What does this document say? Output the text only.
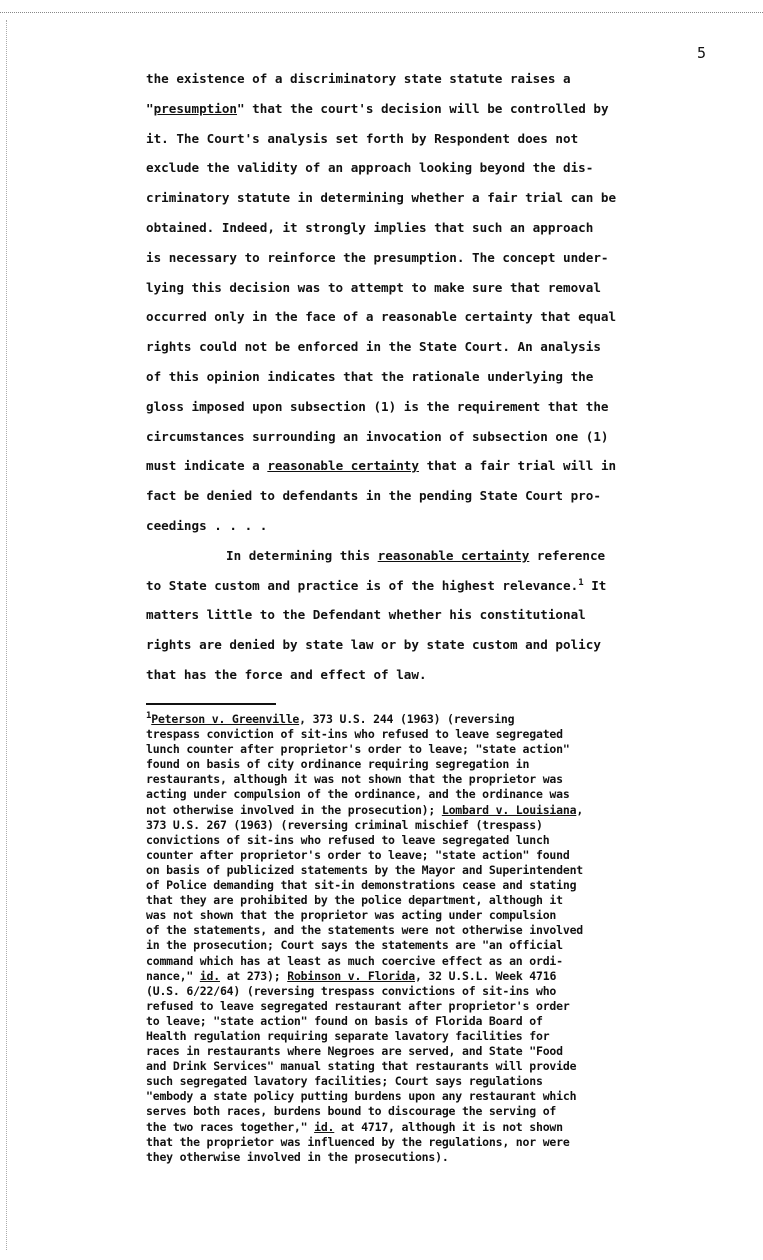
5
the existence of a discriminatory state statute raises a
"presumption" that the court's decision will be controlled by
it. The Court's analysis set forth by Respondent does not
exclude the validity of an approach looking beyond the dis-
criminatory statute in determining whether a fair trial can be
obtained. Indeed, it strongly implies that such an approach
is necessary to reinforce the presumption. The concept under-
lying this decision was to attempt to make sure that removal
occurred only in the face of a reasonable certainty that equal
rights could not be enforced in the State Court. An analysis
of this opinion indicates that the rationale underlying the
gloss imposed upon subsection (1) is the requirement that the
circumstances surrounding an invocation of subsection one (1)
must indicate a reasonable certainty that a fair trial will in
fact be denied to defendants in the pending State Court pro-
ceedings . . . .
In determining this reasonable certainty reference
to State custom and practice is of the highest relevance.$^1$ It
matters little to the Defendant whether his constitutional
rights are denied by state law or by state custom and policy
that has the force and effect of law.
$^1$Peterson v. Greenville, 373 U.S. 244 (1963) (reversing
trespass conviction of sit-ins who refused to leave segregated
lunch counter after proprietor's order to leave; "state action"
found on basis of city ordinance requiring segregation in
restaurants, although it was not shown that the proprietor was
acting under compulsion of the ordinance, and the ordinance was
not otherwise involved in the prosecution); Lombard v. Louisiana,
373 U.S. 267 (1963) (reversing criminal mischief (trespass)
convictions of sit-ins who refused to leave segregated lunch
counter after proprietor's order to leave; "state action" found
on basis of publicized statements by the Mayor and Superintendent
of Police demanding that sit-in demonstrations cease and stating
that they are prohibited by the police department, although it
was not shown that the proprietor was acting under compulsion
of the statements, and the statements were not otherwise involved
in the prosecution; Court says the statements are "an official
command which has at least as much coercive effect as an ordi-
nance," id. at 273); Robinson v. Florida, 32 U.S.L. Week 4716
(U.S. 6/22/64) (reversing trespass convictions of sit-ins who
refused to leave segregated restaurant after proprietor's order
to leave; "state action" found on basis of Florida Board of
Health regulation requiring separate lavatory facilities for
races in restaurants where Negroes are served, and State "Food
and Drink Services" manual stating that restaurants will provide
such segregated lavatory facilities; Court says regulations
"embody a state policy putting burdens upon any restaurant which
serves both races, burdens bound to discourage the serving of
the two races together," id. at 4717, although it is not shown
that the proprietor was influenced by the regulations, nor were
they otherwise involved in the prosecutions).
